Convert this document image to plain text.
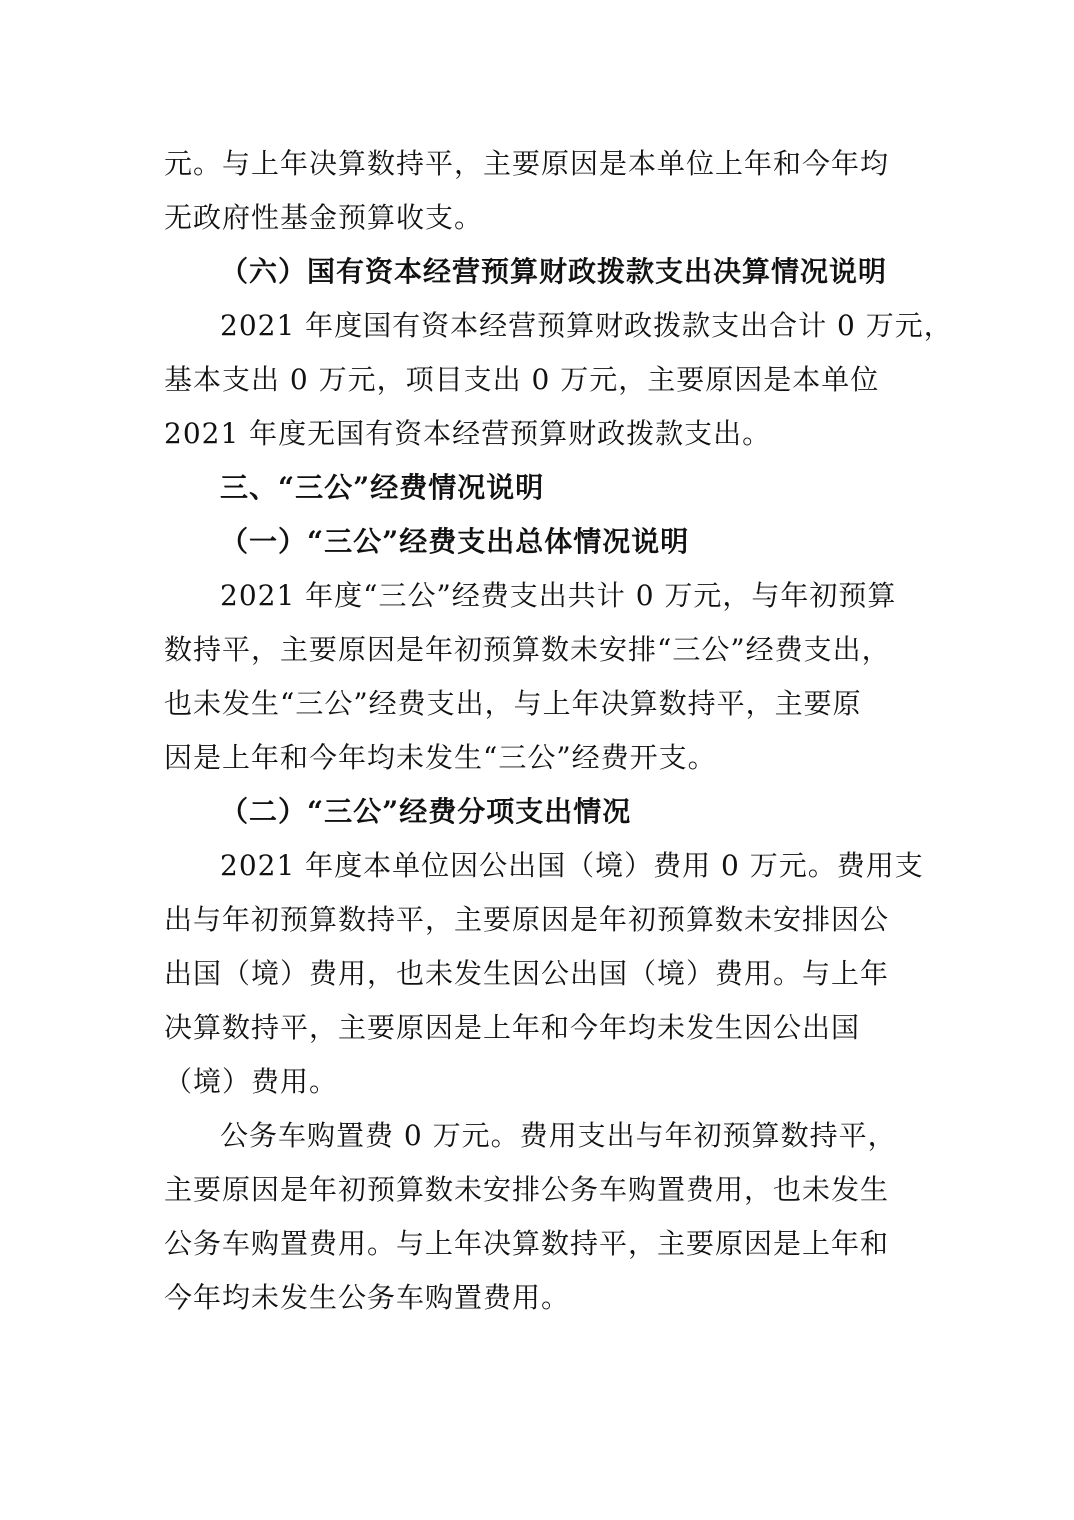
元。与上年决算数持平，主要原因是本单位上年和今年均
无政府性基金预算收支。
（六）国有资本经营预算财政拨款支出决算情况说明
2021 年度国有资本经营预算财政拨款支出合计 0 万元，
基本支出 0 万元，项目支出 0 万元，主要原因是本单位
2021 年度无国有资本经营预算财政拨款支出。
三、“三公”经费情况说明
（一）“三公”经费支出总体情况说明
2021 年度“三公”经费支出共计 0 万元，与年初预算
数持平，主要原因是年初预算数未安排“三公”经费支出，
也未发生“三公”经费支出，与上年决算数持平，主要原
因是上年和今年均未发生“三公”经费开支。
（二）“三公”经费分项支出情况
2021 年度本单位因公出国（境）费用 0 万元。费用支
出与年初预算数持平，主要原因是年初预算数未安排因公
出国（境）费用，也未发生因公出国（境）费用。与上年
决算数持平，主要原因是上年和今年均未发生因公出国
（境）费用。
公务车购置费 0 万元。费用支出与年初预算数持平，
主要原因是年初预算数未安排公务车购置费用，也未发生
公务车购置费用。与上年决算数持平，主要原因是上年和
今年均未发生公务车购置费用。
